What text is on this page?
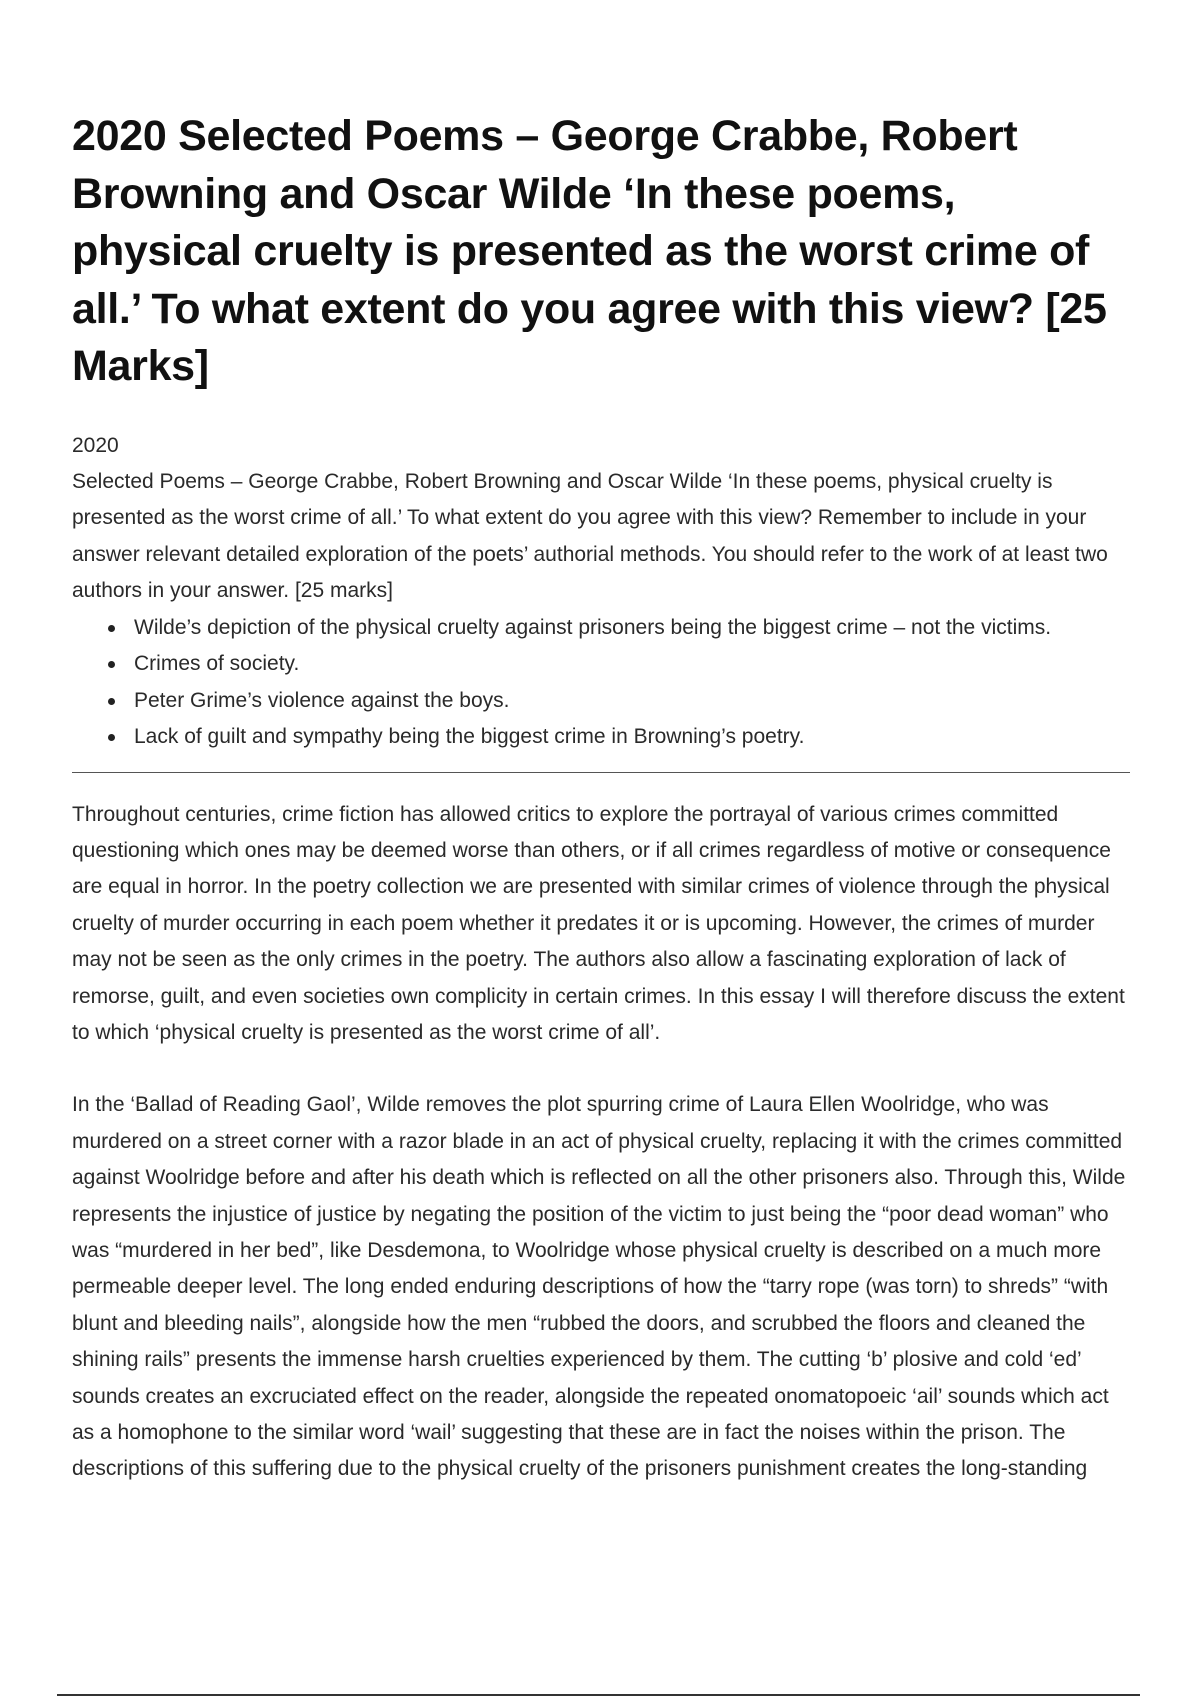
2020 Selected Poems – George Crabbe, Robert Browning and Oscar Wilde ‘In these poems, physical cruelty is presented as the worst crime of all.’ To what extent do you agree with this view? [25 Marks]
2020
Selected Poems – George Crabbe, Robert Browning and Oscar Wilde ‘In these poems, physical cruelty is presented as the worst crime of all.’ To what extent do you agree with this view? Remember to include in your answer relevant detailed exploration of the poets’ authorial methods. You should refer to the work of at least two authors in your answer. [25 marks]
Wilde’s depiction of the physical cruelty against prisoners being the biggest crime – not the victims.
Crimes of society.
Peter Grime’s violence against the boys.
Lack of guilt and sympathy being the biggest crime in Browning’s poetry.

Throughout centuries, crime fiction has allowed critics to explore the portrayal of various crimes committed questioning which ones may be deemed worse than others, or if all crimes regardless of motive or consequence are equal in horror. In the poetry collection we are presented with similar crimes of violence through the physical cruelty of murder occurring in each poem whether it predates it or is upcoming. However, the crimes of murder may not be seen as the only crimes in the poetry. The authors also allow a fascinating exploration of lack of remorse, guilt, and even societies own complicity in certain crimes. In this essay I will therefore discuss the extent to which ‘physical cruelty is presented as the worst crime of all’.

In the ‘Ballad of Reading Gaol’, Wilde removes the plot spurring crime of Laura Ellen Woolridge, who was murdered on a street corner with a razor blade in an act of physical cruelty, replacing it with the crimes committed against Woolridge before and after his death which is reflected on all the other prisoners also. Through this, Wilde represents the injustice of justice by negating the position of the victim to just being the “poor dead woman” who was “murdered in her bed”, like Desdemona, to Woolridge whose physical cruelty is described on a much more permeable deeper level. The long ended enduring descriptions of how the “tarry rope (was torn) to shreds” “with blunt and bleeding nails”, alongside how the men “rubbed the doors, and scrubbed the floors and cleaned the shining rails” presents the immense harsh cruelties experienced by them. The cutting ‘b’ plosive and cold ‘ed’ sounds creates an excruciated effect on the reader, alongside the repeated onomatopoeic ‘ail’ sounds which act as a homophone to the similar word ‘wail’ suggesting that these are in fact the noises within the prison. The descriptions of this suffering due to the physical cruelty of the prisoners punishment creates the long-standing
